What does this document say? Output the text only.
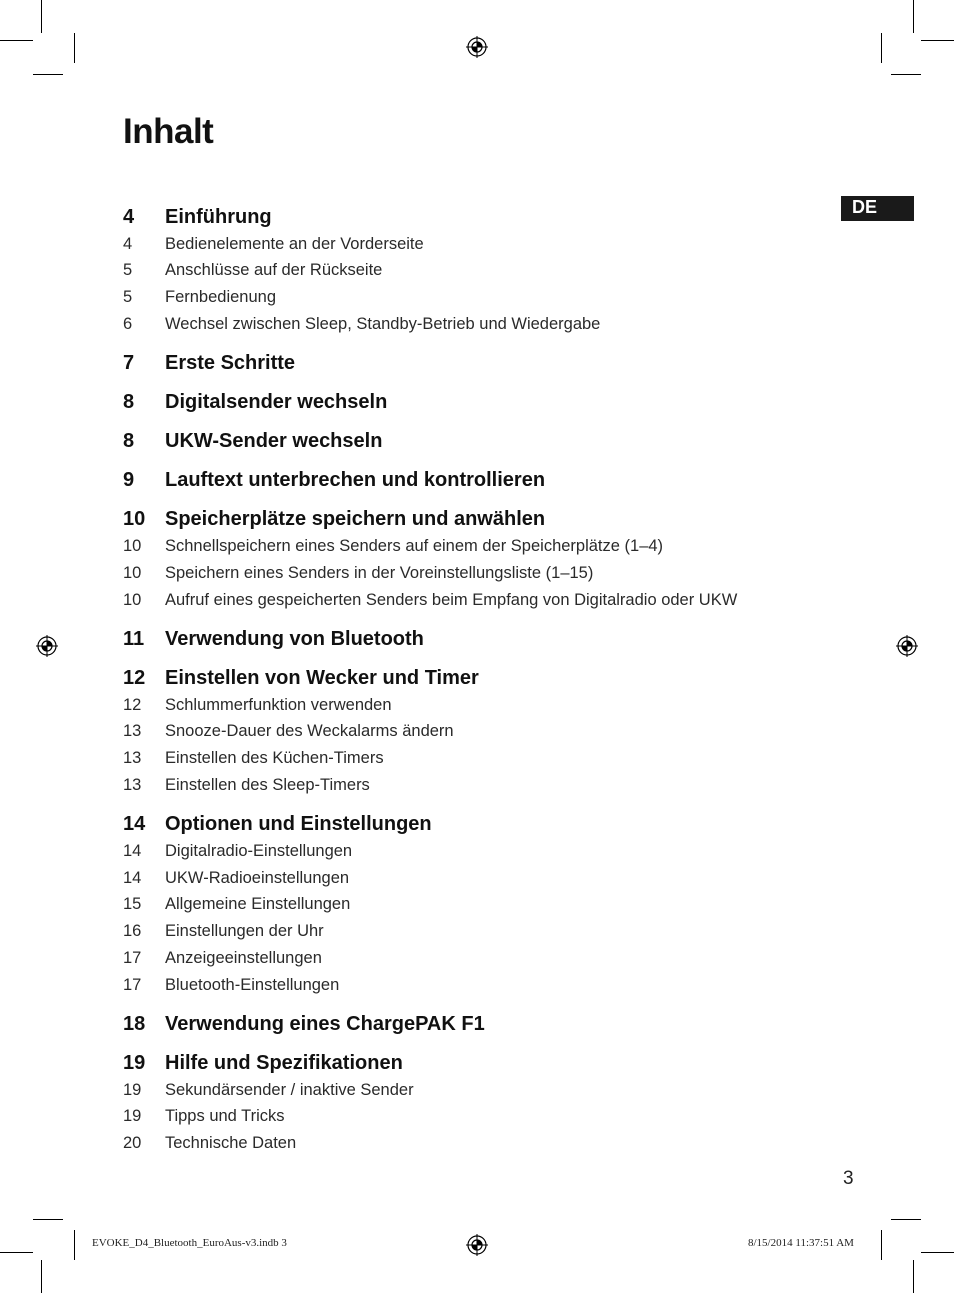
Inhalt
DE
4 Einführung
4 Bedienelemente an der Vorderseite
5 Anschlüsse auf der Rückseite
5 Fernbedienung
6 Wechsel zwischen Sleep, Standby-Betrieb und Wiedergabe
7 Erste Schritte
8 Digitalsender wechseln
8 UKW-Sender wechseln
9 Lauftext unterbrechen und kontrollieren
10 Speicherplätze speichern und anwählen
10 Schnellspeichern eines Senders auf einem der Speicherplätze (1–4)
10 Speichern eines Senders in der Voreinstellungsliste (1–15)
10 Aufruf eines gespeicherten Senders beim Empfang von Digitalradio oder UKW
11 Verwendung von Bluetooth
12 Einstellen von Wecker und Timer
12 Schlummerfunktion verwenden
13 Snooze-Dauer des Weckalarms ändern
13 Einstellen des Küchen-Timers
13 Einstellen des Sleep-Timers
14 Optionen und Einstellungen
14 Digitalradio-Einstellungen
14 UKW-Radioeinstellungen
15 Allgemeine Einstellungen
16 Einstellungen der Uhr
17 Anzeigeeinstellungen
17 Bluetooth-Einstellungen
18 Verwendung eines ChargePAK F1
19 Hilfe und Spezifikationen
19 Sekundärsender / inaktive Sender
19 Tipps und Tricks
20 Technische Daten
3
EVOKE_D4_Bluetooth_EuroAus-v3.indb 3	8/15/2014 11:37:51 AM
